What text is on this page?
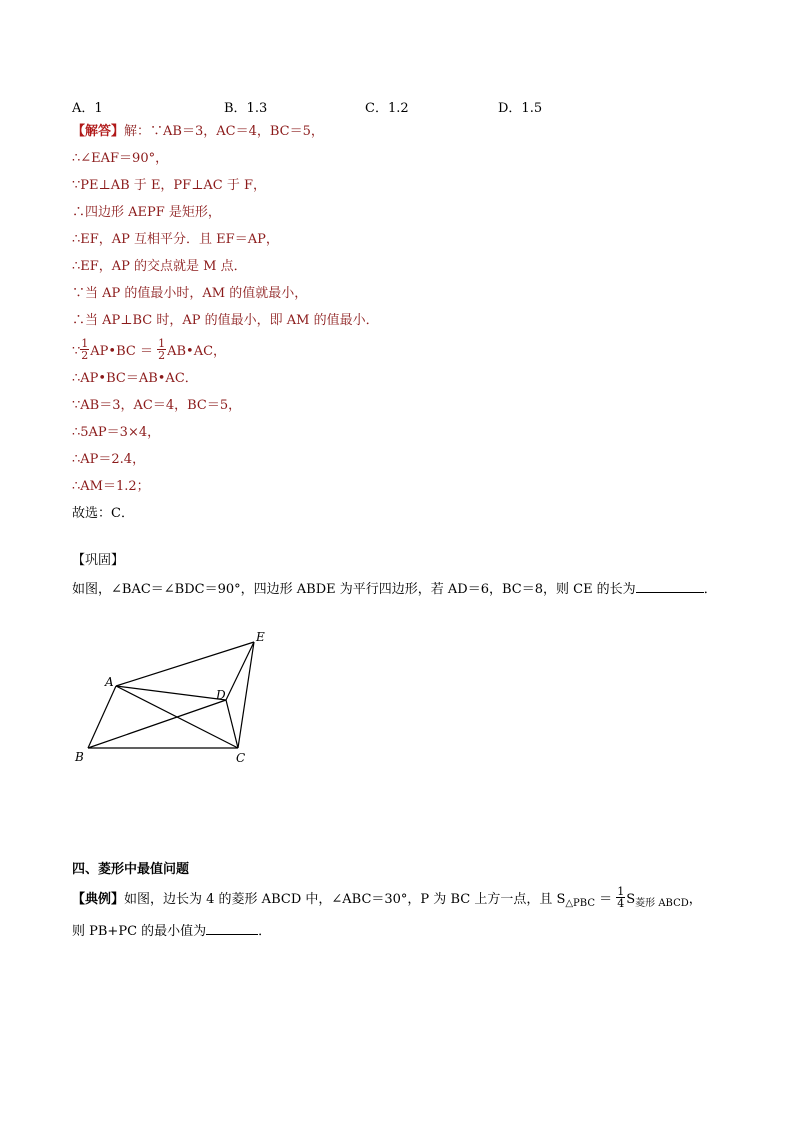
A．1	B．1.3	C．1.2	D．1.5
【解答】解：∵AB＝3，AC＝4，BC＝5，
∴∠EAF＝90°，
∵PE⊥AB 于 E，PF⊥AC 于 F，
∴四边形 AEPF 是矩形，
∴EF，AP 互相平分．且 EF＝AP，
∴EF，AP 的交点就是 M 点．
∵当 AP 的值最小时，AM 的值就最小，
∴当 AP⊥BC 时，AP 的值最小，即 AM 的值最小．
∵ $\frac{1}{2}$ AP•BC ＝ $\frac{1}{2}$ AB•AC，
∴AP•BC＝AB•AC．
∵AB＝3，AC＝4，BC＝5，
∴5AP＝3×4，
∴AP＝2.4，
∴AM＝1.2；
故选：C．
【巩固】
如图，∠BAC＝∠BDC＝90°，四边形 ABDE 为平行四边形，若 AD＝6，BC＝8，则 CE 的长为	．
A
B	C
D
E
四、菱形中最值问题
【典例】如图，边长为 4 的菱形 ABCD 中，∠ABC＝30°，P 为 BC 上方一点，且 $S_{\triangle PBC} = \frac{1}{4} S_{菱形 ABCD}$，
则 PB+PC 的最小值为	．
